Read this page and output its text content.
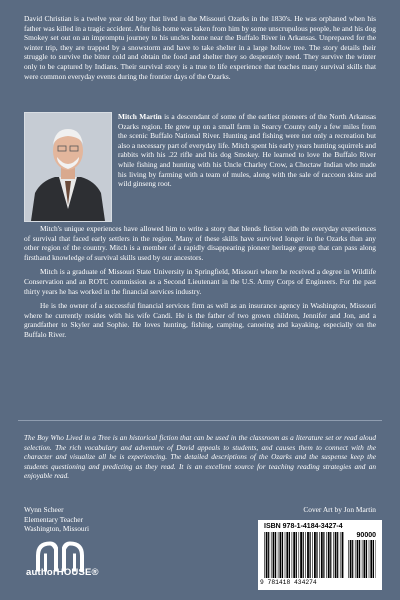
David Christian is a twelve year old boy that lived in the Missouri Ozarks in the 1830's. He was orphaned when his father was killed in a tragic accident. After his home was taken from him by some unscrupulous people, he and his dog Smokey set out on an impromptu journey to his uncles home near the Buffalo River in Arkansas. Unprepared for the winter trip, they are trapped by a snowstorm and have to take shelter in a large hollow tree. The story details their struggle to survive the bitter cold and obtain the food and shelter they so desperately need. They survive the winter only to be captured by Indians. Their survival story is a true to life experience that teaches many survival skills that were common everyday events during the frontier days of the Ozarks.

Mitch Martin is a descendant of some of the earliest pioneers of the North Arkansas Ozarks region. He grew up on a small farm in Searcy County only a few miles from the scenic Buffalo National River. Hunting and fishing were not only a recreation but also a necessary part of everyday life. Mitch spent his early years hunting squirrels and rabbits with his .22 rifle and his dog Smokey. He learned to love the Buffalo River while fishing and hunting with his Uncle Charley Crow, a Choctaw Indian who made his living by farming with a team of mules, along with the sale of raccoon skins and wild ginseng root.

Mitch's unique experiences have allowed him to write a story that blends fiction with the everyday experiences of survival that faced early settlers in the region. Many of these skills have survived longer in the Ozarks than any other region of the country. Mitch is a member of a rapidly disappearing pioneer heritage group that can pass along firsthand knowledge of survival skills used by our ancestors.

Mitch is a graduate of Missouri State University in Springfield, Missouri where he received a degree in Wildlife Conservation and an ROTC commission as a Second Lieutenant in the U.S. Army Corps of Engineers. For the past thirty years he has worked in the financial services industry.

He is the owner of a successful financial services firm as well as an insurance agency in Washington, Missouri where he currently resides with his wife Candi. He is the father of two grown children, Jennifer and Jon, and a grandfather to Skyler and Sophie. He loves hunting, fishing, camping, canoeing and kayaking, especially on the Buffalo River.

The Boy Who Lived in a Tree is an historical fiction that can be used in the classroom as a literature set or read aloud selection. The rich vocabulary and adventure of David appeals to students, and causes them to connect with the character and visualize all he is experiencing. The detailed descriptions of the Ozarks and the suspense keep the students questioning and predicting as they read. It is an excellent source for teaching reading strategies and an enjoyable read.

Wynn Scheer
Elementary Teacher
Washington, Missouri
Cover Art by Jon Martin
authorHOUSE®
ISBN 978-1-4184-3427-4
90000
9 781418 434274
